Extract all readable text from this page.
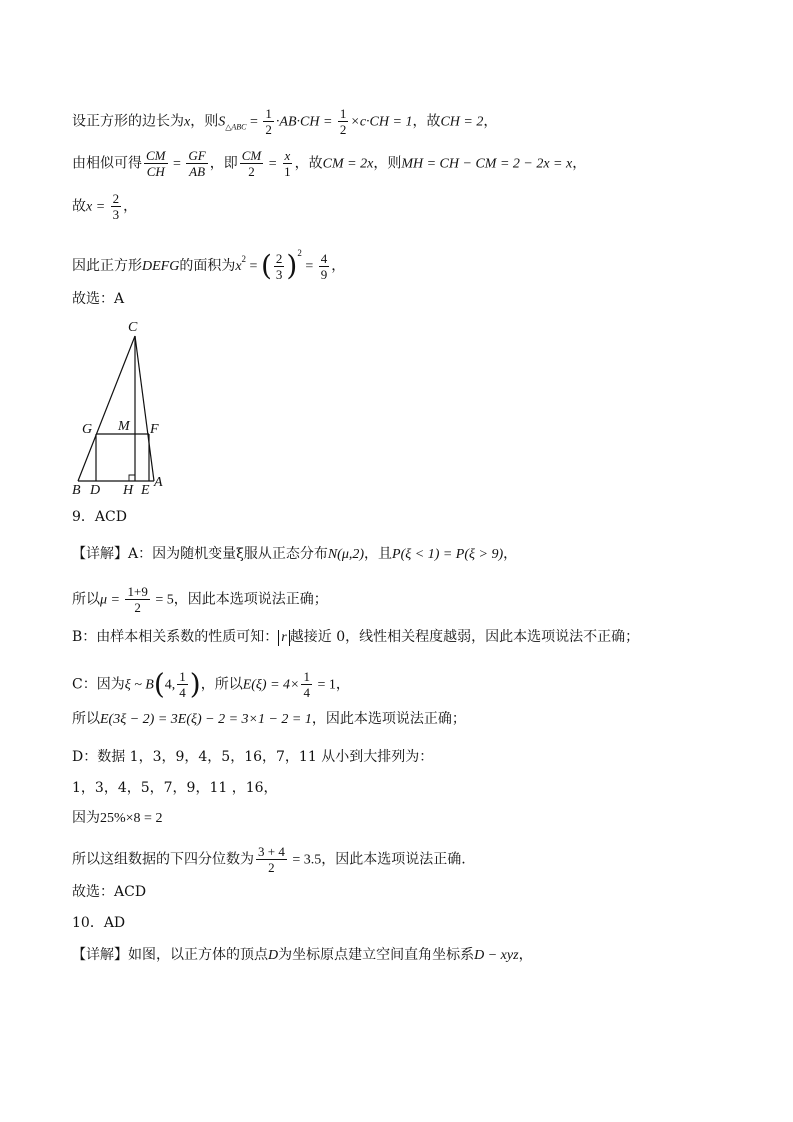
设正方形的边长为x，则$S_{\triangle ABC} = \frac{1}{2} \cdot AB\cdot CH = \frac{1}{2} \times c\cdot CH = 1$，故CH = 2，
由相似可得 $\frac{CM}{CH} = \frac{GF}{AB}$ ，即 $\frac{CM}{2} = \frac{x}{1}$ ，故CM = 2x，则MH = CH − CM = 2 − 2x = x，
故$x = \frac{2}{3}$ ，
因此正方形DEFG的面积为$x^2$ = ( $\frac{2}{3} )^2 = \frac{4}{9}$ ，
故选：A
C
G M F
B D H E
A
9．ACD
【详解】A：因为随机变量ξ服从正态分布N(μ,2)，且P(ξ < 1) = P(ξ > 9)，
所以$\mu = \frac{1+9}{2} = 5$，因此本选项说法正确；
B：由样本相关系数的性质可知： r 越接近 0，线性相关程度越弱，因此本选项说法不正确；
C：因为ξ ~ B(4, $\frac{1}{4}$ )，所以$E(\xi) = 4\times \frac{1}{4} = 1$，
所以E(3ξ − 2) = 3E(ξ) − 2 = 3×1 − 2 = 1，因此本选项说法正确；
D：数据 1，3，9，4，5，16，7，11 从小到大排列为：
1，3，4，5，7，9，11 ，16，
因为25%×8 = 2
所以这组数据的下四分位数为 $\frac{3 + 4}{2} = 3.5$，因此本选项说法正确.
故选：ACD
10．AD
【详解】如图，以正方体的顶点D为坐标原点建立空间直角坐标系D − xyz，
